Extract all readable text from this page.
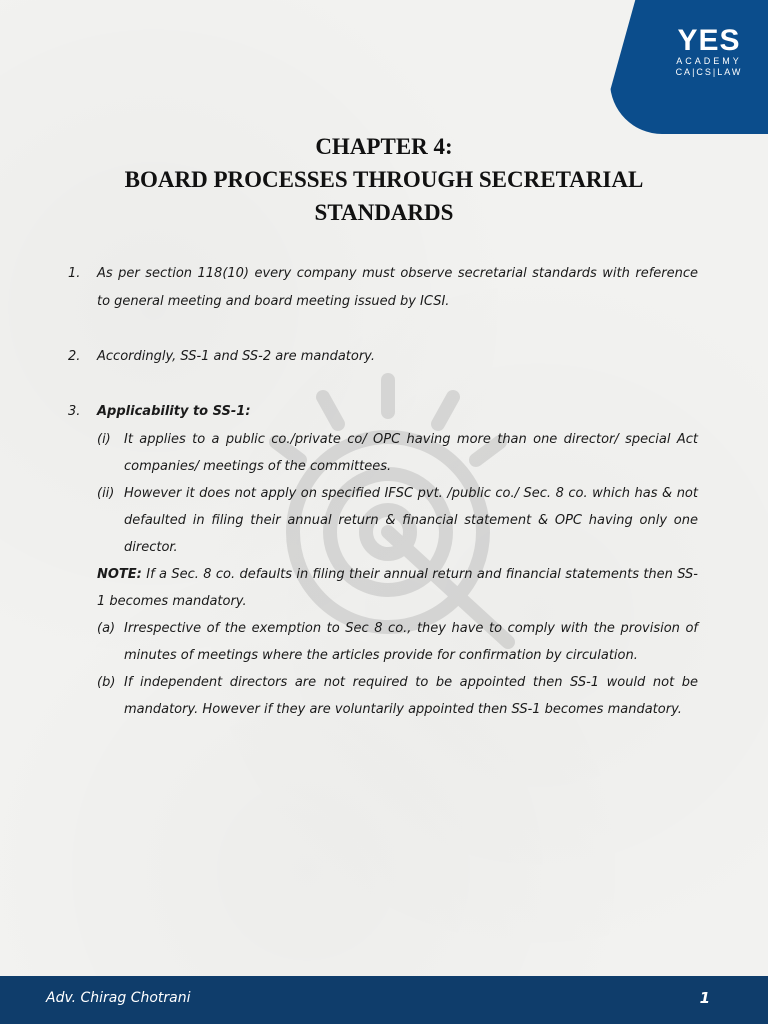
YES
ACADEMY
CA|CS|LAW
CHAPTER 4:
BOARD PROCESSES THROUGH SECRETARIAL
STANDARDS
1. As per section 118(10) every company must observe secretarial standards with reference to general meeting and board meeting issued by ICSI.
2. Accordingly, SS-1 and SS-2 are mandatory.
3. Applicability to SS-1:
(i) It applies to a public co./private co/ OPC having more than one director/ special Act companies/ meetings of the committees.
(ii) However it does not apply on specified IFSC pvt. /public co./ Sec. 8 co. which has & not defaulted in filing their annual return & financial statement & OPC having only one director.
NOTE: If a Sec. 8 co. defaults in filing their annual return and financial statements then SS-1 becomes mandatory.
(a) Irrespective of the exemption to Sec 8 co., they have to comply with the provision of minutes of meetings where the articles provide for confirmation by circulation.
(b) If independent directors are not required to be appointed then SS-1 would not be mandatory. However if they are voluntarily appointed then SS-1 becomes mandatory.
Adv. Chirag Chotrani	1
